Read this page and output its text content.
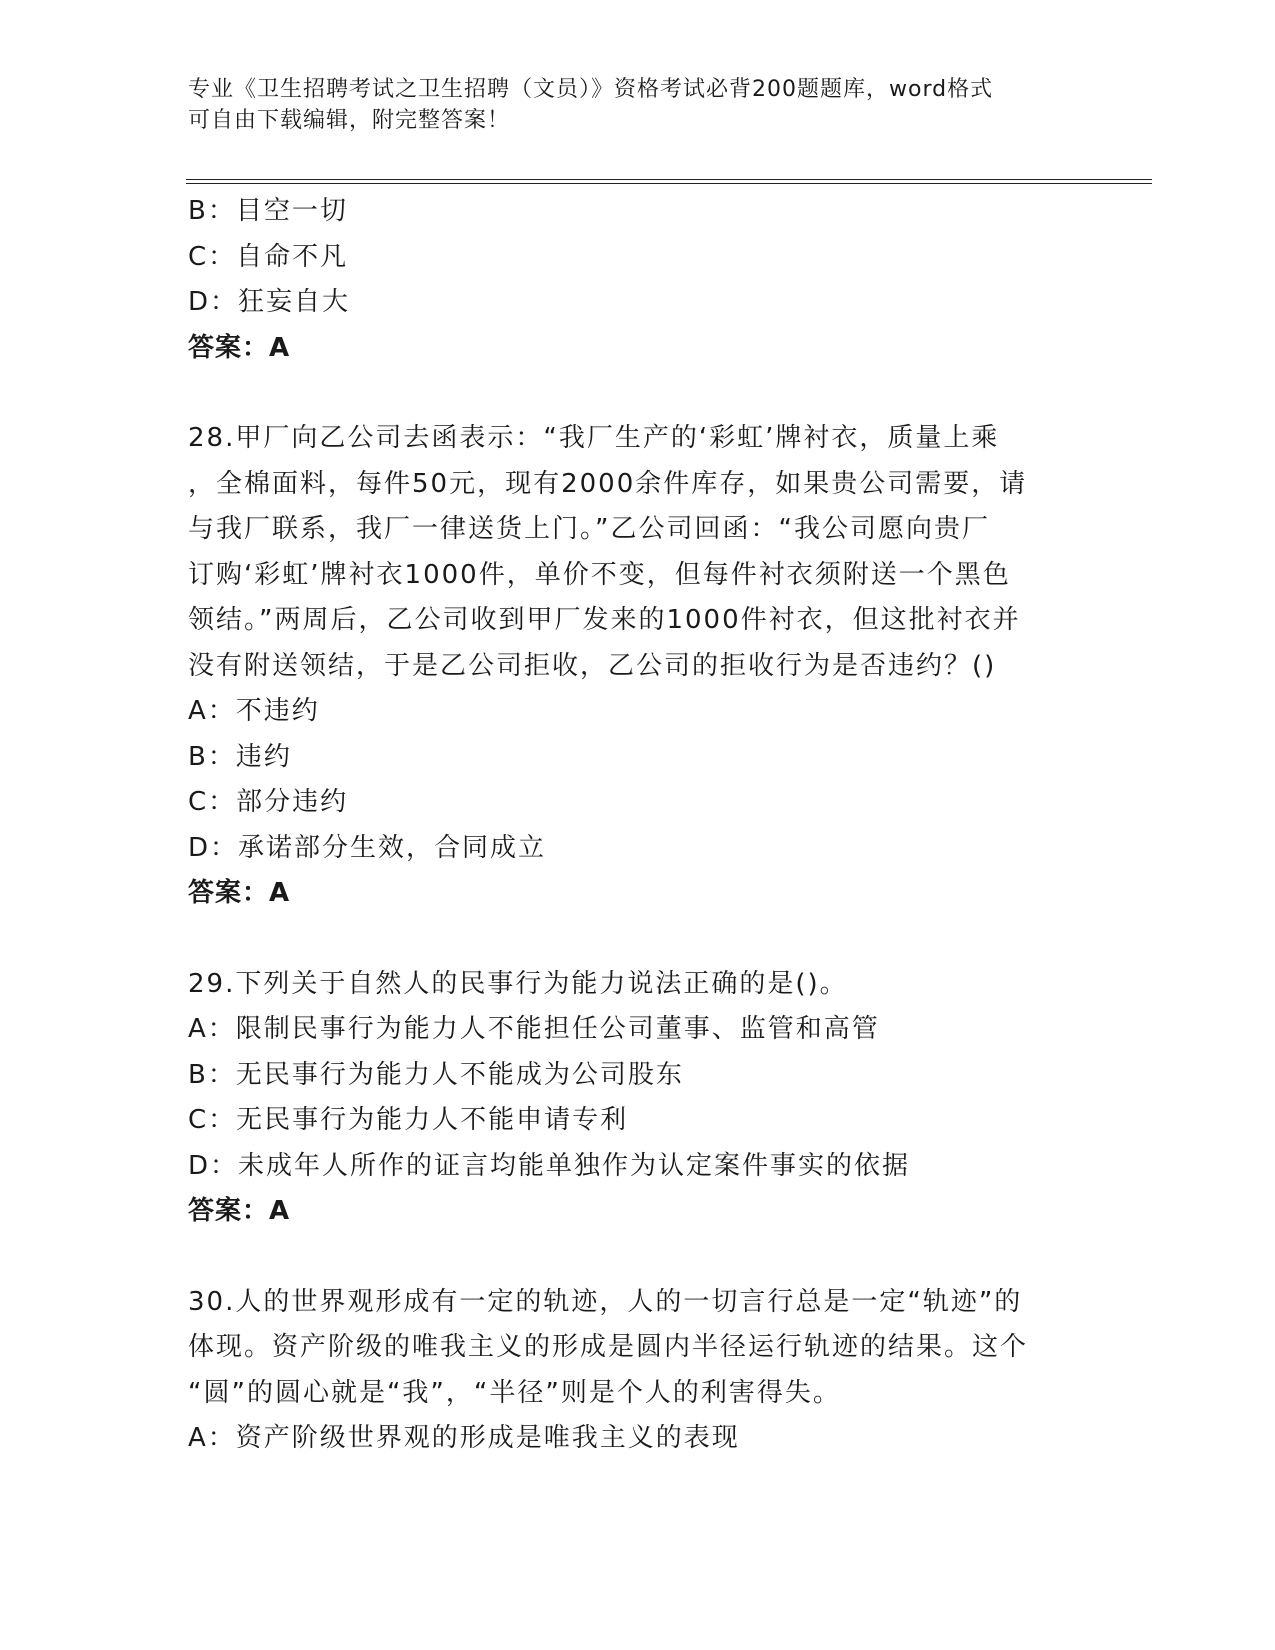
专业《卫生招聘考试之卫生招聘（文员）》资格考试必背200题题库，word格式
可自由下载编辑，附完整答案！
B：目空一切
C：自命不凡
D：狂妄自大
答案：A
28.甲厂向乙公司去函表示：“我厂生产的‘彩虹’牌衬衣，质量上乘
，全棉面料，每件50元，现有2000余件库存，如果贵公司需要，请
与我厂联系，我厂一律送货上门。”乙公司回函：“我公司愿向贵厂
订购‘彩虹’牌衬衣1000件，单价不变，但每件衬衣须附送一个黑色
领结。”两周后，乙公司收到甲厂发来的1000件衬衣，但这批衬衣并
没有附送领结，于是乙公司拒收，乙公司的拒收行为是否违约？()
A：不违约
B：违约
C：部分违约
D：承诺部分生效，合同成立
答案：A
29.下列关于自然人的民事行为能力说法正确的是()。
A：限制民事行为能力人不能担任公司董事、监管和高管
B：无民事行为能力人不能成为公司股东
C：无民事行为能力人不能申请专利
D：未成年人所作的证言均能单独作为认定案件事实的依据
答案：A
30.人的世界观形成有一定的轨迹，人的一切言行总是一定“轨迹”的
体现。资产阶级的唯我主义的形成是圆内半径运行轨迹的结果。这个
“圆”的圆心就是“我”，“半径”则是个人的利害得失。
A：资产阶级世界观的形成是唯我主义的表现
